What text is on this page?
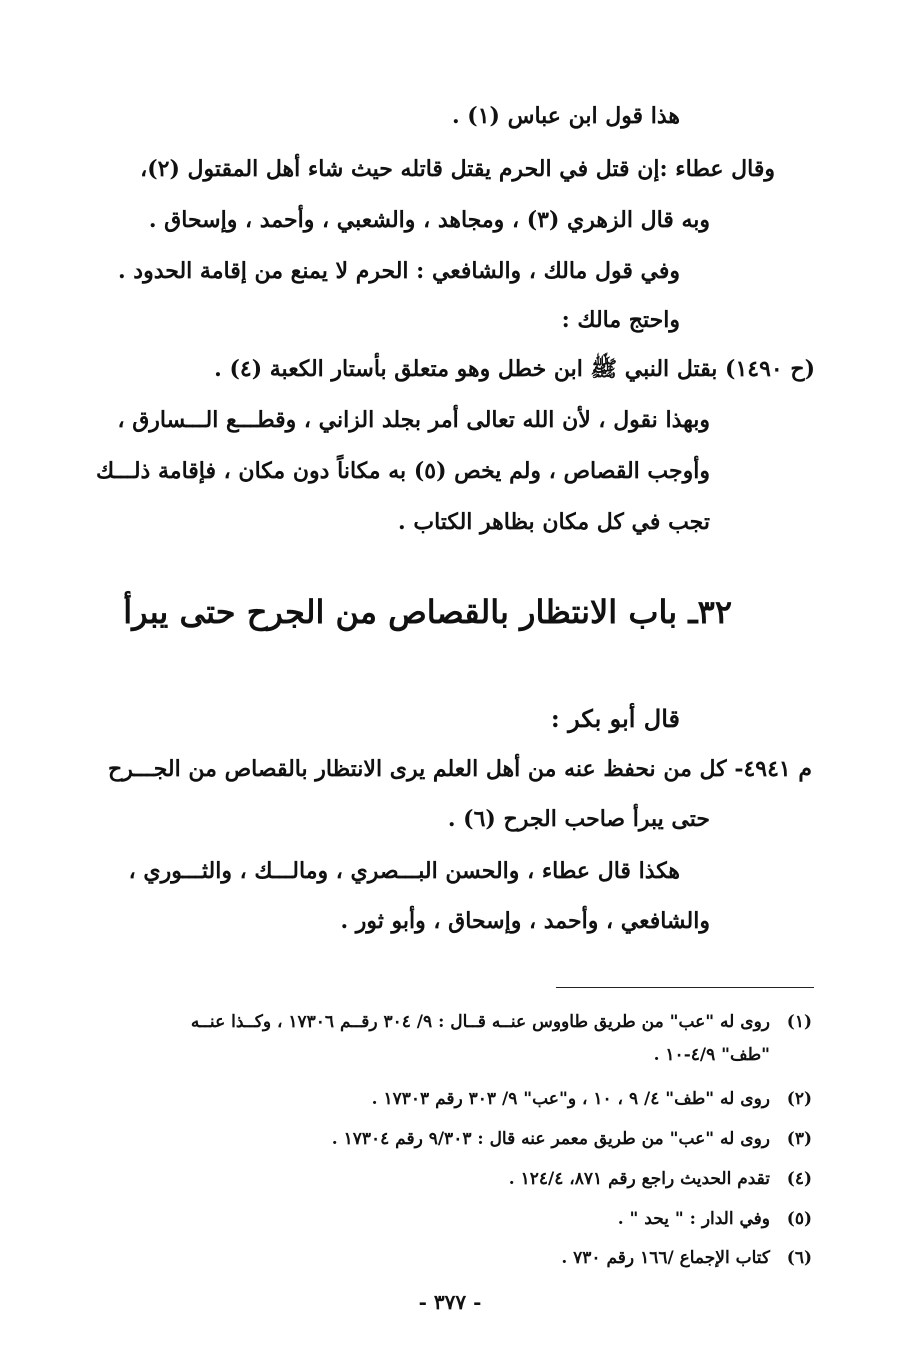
هذا قول ابن عباس (١) .
وقال عطاء :إن قتل في الحرم يقتل قاتله حيث شاء أهل المقتول (٢)،
وبه قال الزهري (٣) ، ومجاهد ، والشعبي ، وأحمد ، وإسحاق .
وفي قول مالك ، والشافعي : الحرم لا يمنع من إقامة الحدود .
واحتج مالك :
(ح ١٤٩٠) بقتل النبي ﷺ ابن خطل وهو متعلق بأستار الكعبة (٤) .
وبهذا نقول ، لأن الله تعالى أمر بجلد الزاني ، وقطـــع الـــسارق ،
وأوجب القصاص ، ولم يخص (٥) به مكاناً دون مكان ، فإقامة ذلـــك
تجب في كل مكان بظاهر الكتاب .
٣٢ـ باب الانتظار بالقصاص من الجرح حتى يبرأ
قال أبو بكر :
م ٤٩٤١- كل من نحفظ عنه من أهل العلم يرى الانتظار بالقصاص من الجـــرح
حتى يبرأ صاحب الجرح (٦) .
هكذا قال عطاء ، والحسن البـــصري ، ومالـــك ، والثـــوري ،
والشافعي ، وأحمد ، وإسحاق ، وأبو ثور .
(١)روى له "عب" من طريق طاووس عنــه قــال : ٩/ ٣٠٤ رقــم ١٧٣٠٦ ، وكــذا عنــه
"طف" ٤/٩-١٠ .
(٢)روى له "طف" ٤/ ٩ ، ١٠ ، و"عب" ٩/ ٣٠٣ رقم ١٧٣٠٣ .
(٣)روى له "عب" من طريق معمر عنه قال : ٩/٣٠٣ رقم ١٧٣٠٤ .
(٤)تقدم الحديث راجع رقم ٨٧١، ١٢٤/٤ .
(٥)وفي الدار : " يحد " .
(٦)كتاب الإجماع /١٦٦ رقم ٧٣٠ .
- ٣٧٧ -
